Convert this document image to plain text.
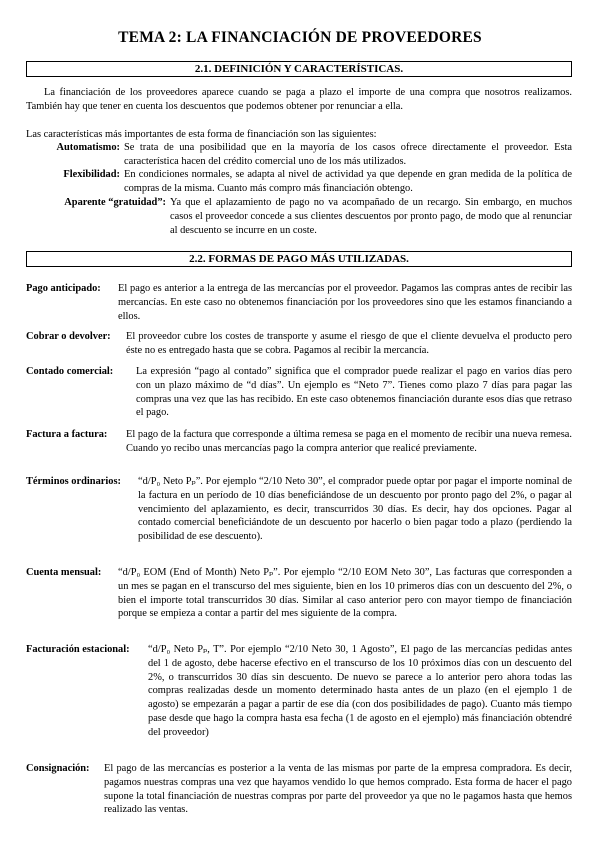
TEMA 2: LA FINANCIACIÓN DE PROVEEDORES
2.1. DEFINICIÓN Y CARACTERÍSTICAS.

La financiación de los proveedores aparece cuando se paga a plazo el importe de una compra que nosotros realizamos. También hay que tener en cuenta los descuentos que podemos obtener por renunciar a ella.

Las características más importantes de esta forma de financiación son las siguientes:

Automatismo: Se trata de una posibilidad que en la mayoría de los casos ofrece directamente el proveedor. Esta característica hacen del crédito comercial uno de los más utilizados.
Flexibilidad: En condiciones normales, se adapta al nivel de actividad ya que depende en gran medida de la política de compras de la misma. Cuanto más compro más financiación obtengo.
Aparente “gratuidad”: Ya que el aplazamiento de pago no va acompañado de un recargo. Sin embargo, en muchos casos el proveedor concede a sus clientes descuentos por pronto pago, de modo que al renunciar al descuento se incurre en un coste.
2.2. FORMAS DE PAGO MÁS UTILIZADAS.
Pago anticipado:	El pago es anterior a la entrega de las mercancías por el proveedor. Pagamos las compras antes de recibir las mercancías. En este caso no obtenemos financiación por los proveedores sino que les estamos financiando a ellos.
Cobrar o devolver:	El proveedor cubre los costes de transporte y asume el riesgo de que el cliente devuelva el producto pero éste no es entregado hasta que se cobra. Pagamos al recibir la mercancía.
Contado comercial:	La expresión “pago al contado” significa que el comprador puede realizar el pago en varios días pero con un plazo máximo de “d días”. Un ejemplo es “Neto 7”. Tienes como plazo 7 días para pagar las compras una vez que las has recibido. En este caso obtenemos financiación durante esos días que retraso el pago.
Factura a factura:	El pago de la factura que corresponde a última remesa se paga en el momento de recibir una nueva remesa. Cuando yo recibo unas mercancías pago la compra anterior que realicé previamente.
Términos ordinarios:	“d/P₀ Neto Pₚ”. Por ejemplo “2/10 Neto 30”, el comprador puede optar por pagar el importe nominal de la factura en un período de 10 días beneficiándose de un descuento por pronto pago del 2%, o pagar al vencimiento del aplazamiento, es decir, transcurridos 30 días. Es decir, hay dos opciones. Pagar al contado comercial beneficiándote de un descuento por hacerlo o bien pagar todo a plazo (perdiendo la posibilidad de ese descuento).
Cuenta mensual:	“d/P₀ EOM (End of Month) Neto Pₚ”. Por ejemplo “2/10 EOM Neto 30”, Las facturas que corresponden a un mes se pagan en el transcurso del mes siguiente, bien en los 10 primeros días con un descuento del 2%, o bien el importe total transcurridos 30 días. Similar al caso anterior pero con mayor tiempo de financiación porque se empieza a contar a partir del mes siguiente de la compra.
Facturación estacional:	“d/P₀ Neto Pₚ, T”. Por ejemplo “2/10 Neto 30, 1 Agosto”, El pago de las mercancías pedidas antes del 1 de agosto, debe hacerse efectivo en el transcurso de los 10 próximos días con un descuento del 2%, o transcurridos 30 días sin descuento. De nuevo se parece a lo anterior pero ahora todas las compras realizadas desde un momento determinado hasta antes de un plazo (en el ejemplo 1 de agosto) se empezarán a pagar a partir de ese día (con dos posibilidades de pago). Cuanto más tiempo pase desde que hago la compra hasta esa fecha (1 de agosto en el ejemplo) más financiación obtendré del proveedor)
Consignación:	El pago de las mercancías es posterior a la venta de las mismas por parte de la empresa compradora. Es decir, pagamos nuestras compras una vez que hayamos vendido lo que hemos comprado. Esta forma de hacer el pago supone la total financiación de nuestras compras por parte del proveedor ya que no le pagamos hasta que hemos realizado las ventas.
